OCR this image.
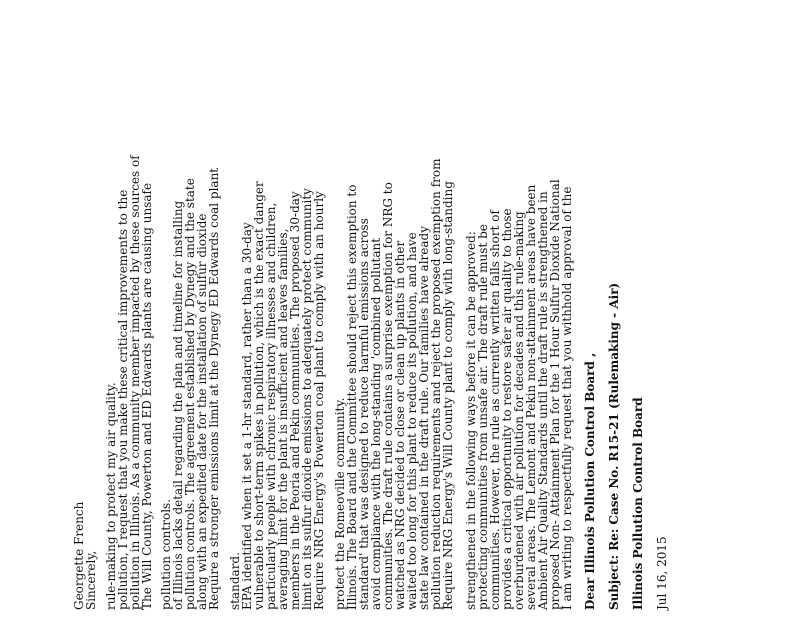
Jul 16, 2015
Illinois Pollution Control Board
Subject: Re: Case No. R15-21 (Rulemaking - Air)
Dear Illinois Pollution Control Board ,
I am writing to respectfully request that you withhold approval of the
proposed Non- Attainment Plan for the 1 Hour Sulfur Dioxide National
Ambient Air Quality Standards until the draft rule is strengthened in
several areas. The Lemont and Pekin non-attainment areas have been
overburdened with air pollution for decades and this rule-making
provides a critical opportunity to restore safer air quality to those
communities. However, the rule as currently written falls short of
protecting communities from unsafe air. The draft rule must be
strengthened in the following ways before it can be approved:
Require NRG Energy's Will County plant to comply with long-standing
pollution reduction requirements and reject the proposed exemption from
state law contained in the draft rule. Our families have already
waited too long for this plant to reduce its pollution, and have
watched as NRG decided to close or clean up plants in other
communities. The draft rule contains a surprise exemption for NRG to
avoid compliance with the long-standing 'combined pollutant
standard' that was designed to reduce harmful emissions across
Illinois. The Board and the Committee should reject this exemption to
protect the Romeoville community.
Require NRG Energy's Powerton coal plant to comply with an hourly
limit on its sulfur dioxide emissions to adequately protect community
members in the Peoria and Pekin communities. The proposed 30-day
averaging limit for the plant is insufficient and leaves families,
particularly people with chronic respiratory illnesses and children,
vulnerable to short-term spikes in pollution, which is the exact danger
EPA identified when it set a 1-hr standard, rather than a 30-day
standard.
Require a stronger emissions limit at the Dynegy ED Edwards coal plant
along with an expedited date for the installation of sulfur dioxide
pollution controls. The agreement established by Dynegy and the state
of Illinois lacks detail regarding the plan and timeline for installing
pollution controls.
The Will County, Powerton and ED Edwards plants are causing unsafe
pollution in Illinois. As a community member impacted by these sources of
pollution, I request that you make these critical improvements to the
rule-making to protect my air quality.
Sincerely,
Georgette French
